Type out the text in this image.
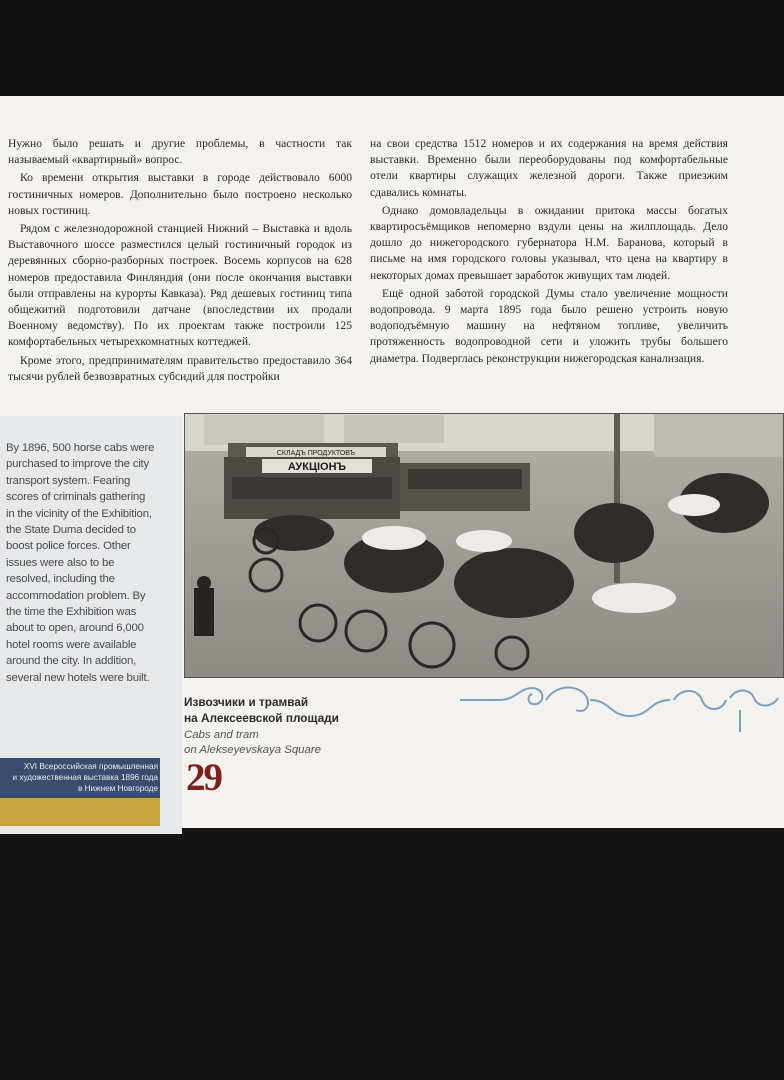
Нужно было решать и другие проблемы, в частности так называемый «квартирный» вопрос.

Ко времени открытия выставки в городе действовало 6000 гостиничных номеров. Дополнительно было построено несколько новых гостиниц.

Рядом с железнодорожной станцией Нижний – Выставка и вдоль Выставочного шоссе разместился целый гостиничный городок из деревянных сборно-разборных построек. Восемь корпусов на 628 номеров предоставила Финляндия (они после окончания выставки были отправлены на курорты Кавказа). Ряд дешевых гостиниц типа общежитий подготовили датчане (впоследствии их продали Военному ведомству). По их проектам также построили 125 комфортабельных четырехкомнатных коттеджей.

Кроме этого, предпринимателям правительство предоставило 364 тысячи рублей безвозвратных субсидий для постройки

на свои средства 1512 номеров и их содержания на время действия выставки. Временно были переоборудованы под комфортабельные отели квартиры служащих железной дороги. Также приезжим сдавались комнаты.

Однако домовладельцы в ожидании притока массы богатых квартиросъёмщиков непомерно вздули цены на жилплощадь. Дело дошло до нижегородского губернатора Н.М. Баранова, который в письме на имя городского головы указывал, что цена на квартиру в некоторых домах превышает заработок живущих там людей.

Ещё одной заботой городской Думы стало увеличение мощности водопровода. 9 марта 1895 года было решено устроить новую водоподъёмную машину на нефтяном топливе, увеличить протяженность водопроводной сети и уложить трубы большего диаметра. Подверглась реконструкции нижегородская канализация.

By 1896, 500 horse cabs were purchased to improve the city transport system. Fearing scores of criminals gathering in the vicinity of the Exhibition, the State Duma decided to boost police forces. Other issues were also to be resolved, including the accommodation problem. By the time the Exhibition was about to open, around 6,000 hotel rooms were available around the city. In addition, several new hotels were built.

СКЛАДЪ ПРОДУКТОВЪ
АУКЦІОНЪ
Извозчики и трамвай
на Алексеевской площади
Cabs and tram
on Alekseyevskaya Square
XVI Всероссийская промышленная
и художественная выставка 1896 года
в Нижнем Новгороде 29
